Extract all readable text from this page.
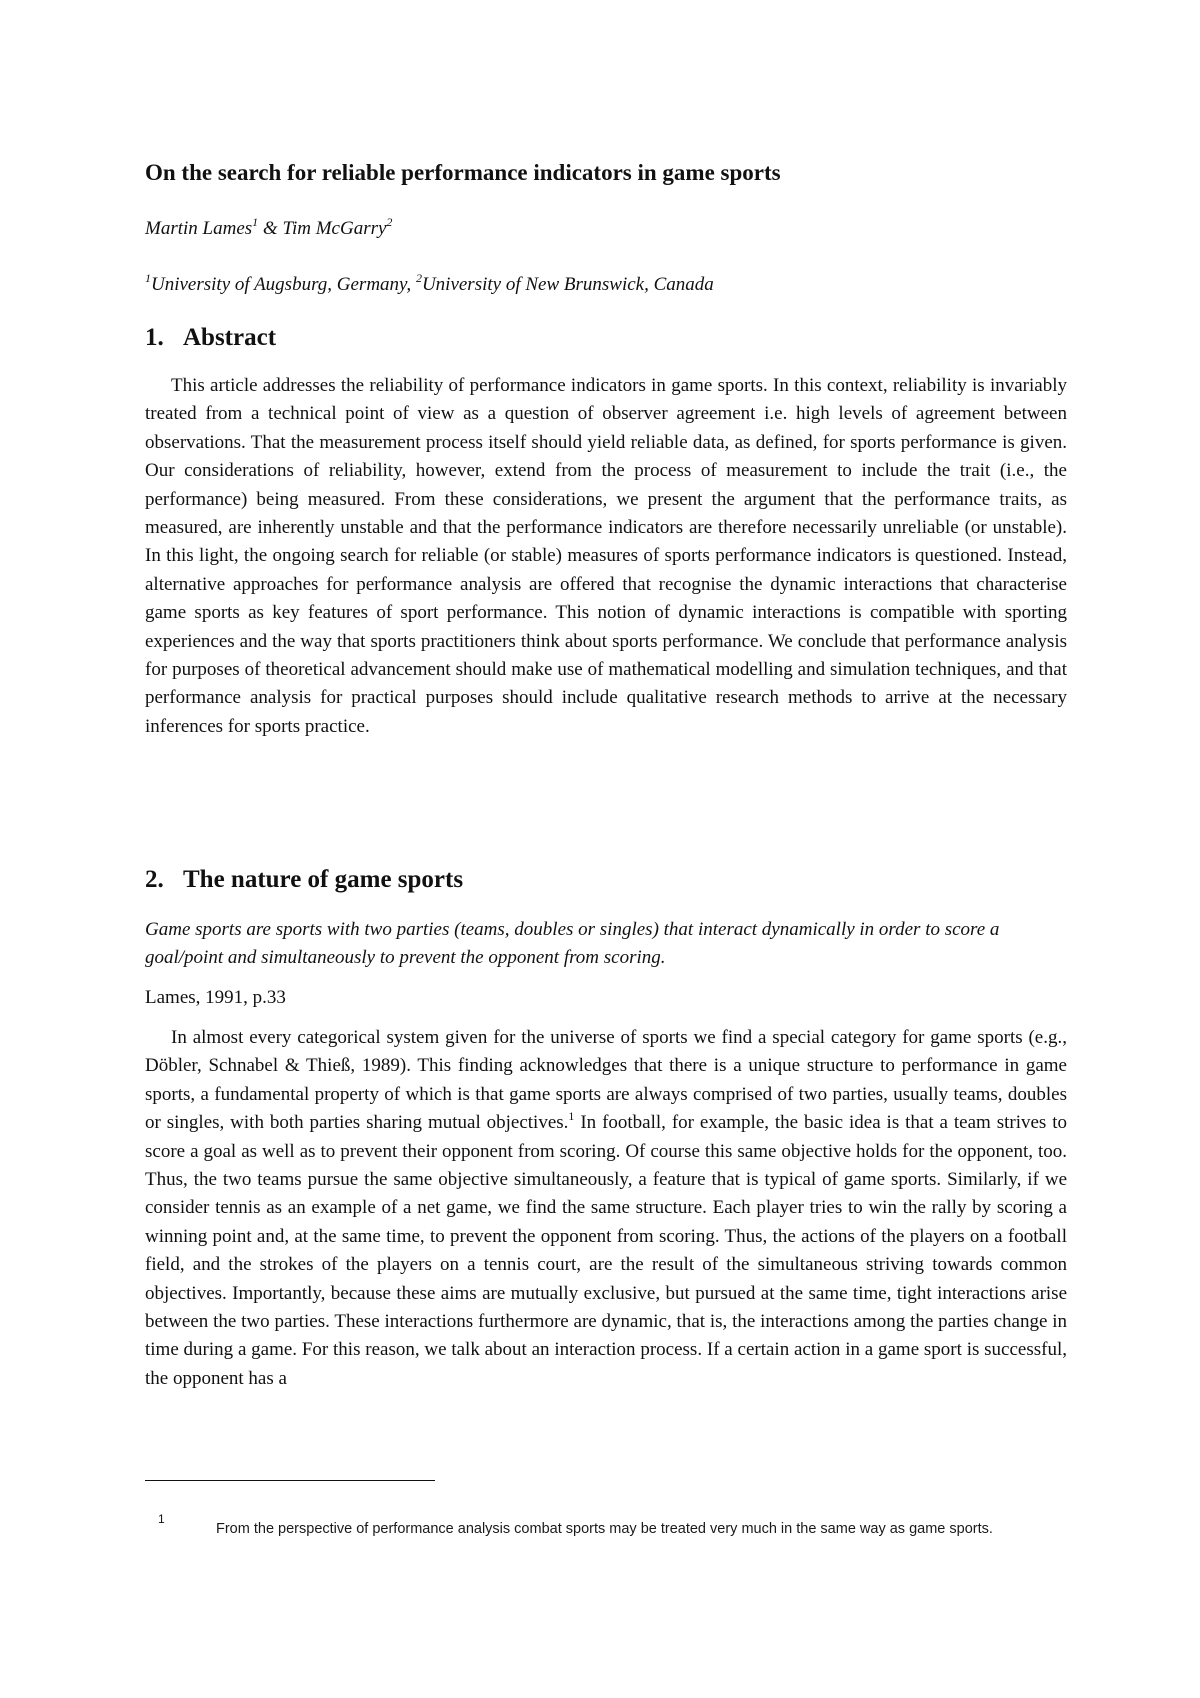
On the search for reliable performance indicators in game sports
Martin Lames$^1$ & Tim McGarry$^2$
$^1$University of Augsburg, Germany, $^2$University of New Brunswick, Canada
1. Abstract

This article addresses the reliability of performance indicators in game sports. In this context, reliability is invariably treated from a technical point of view as a question of observer agreement i.e. high levels of agreement between observations. That the measurement process itself should yield reliable data, as defined, for sports performance is given. Our considerations of reliability, however, extend from the process of measurement to include the trait (i.e., the performance) being measured. From these considerations, we present the argument that the performance traits, as measured, are inherently unstable and that the performance indicators are therefore necessarily unreliable (or unstable). In this light, the ongoing search for reliable (or stable) measures of sports performance indicators is questioned. Instead, alternative approaches for performance analysis are offered that recognise the dynamic interactions that characterise game sports as key features of sport performance. This notion of dynamic interactions is compatible with sporting experiences and the way that sports practitioners think about sports performance. We conclude that performance analysis for purposes of theoretical advancement should make use of mathematical modelling and simulation techniques, and that performance analysis for practical purposes should include qualitative research methods to arrive at the necessary inferences for sports practice.

2. The nature of game sports

Game sports are sports with two parties (teams, doubles or singles) that interact dynamically in order to score a goal/point and simultaneously to prevent the opponent from scoring.

Lames, 1991, p.33

In almost every categorical system given for the universe of sports we find a special category for game sports (e.g., Döbler, Schnabel & Thieß, 1989). This finding acknowledges that there is a unique structure to performance in game sports, a fundamental property of which is that game sports are always comprised of two parties, usually teams, doubles or singles, with both parties sharing mutual objectives.$^1$ In football, for example, the basic idea is that a team strives to score a goal as well as to prevent their opponent from scoring. Of course this same objective holds for the opponent, too. Thus, the two teams pursue the same objective simultaneously, a feature that is typical of game sports. Similarly, if we consider tennis as an example of a net game, we find the same structure. Each player tries to win the rally by scoring a winning point and, at the same time, to prevent the opponent from scoring. Thus, the actions of the players on a football field, and the strokes of the players on a tennis court, are the result of the simultaneous striving towards common objectives. Importantly, because these aims are mutually exclusive, but pursued at the same time, tight interactions arise between the two parties. These interactions furthermore are dynamic, that is, the interactions among the parties change in time during a game. For this reason, we talk about an interaction process. If a certain action in a game sport is successful, the opponent has a

1

From the perspective of performance analysis combat sports may be treated very much in the same way as game sports.
